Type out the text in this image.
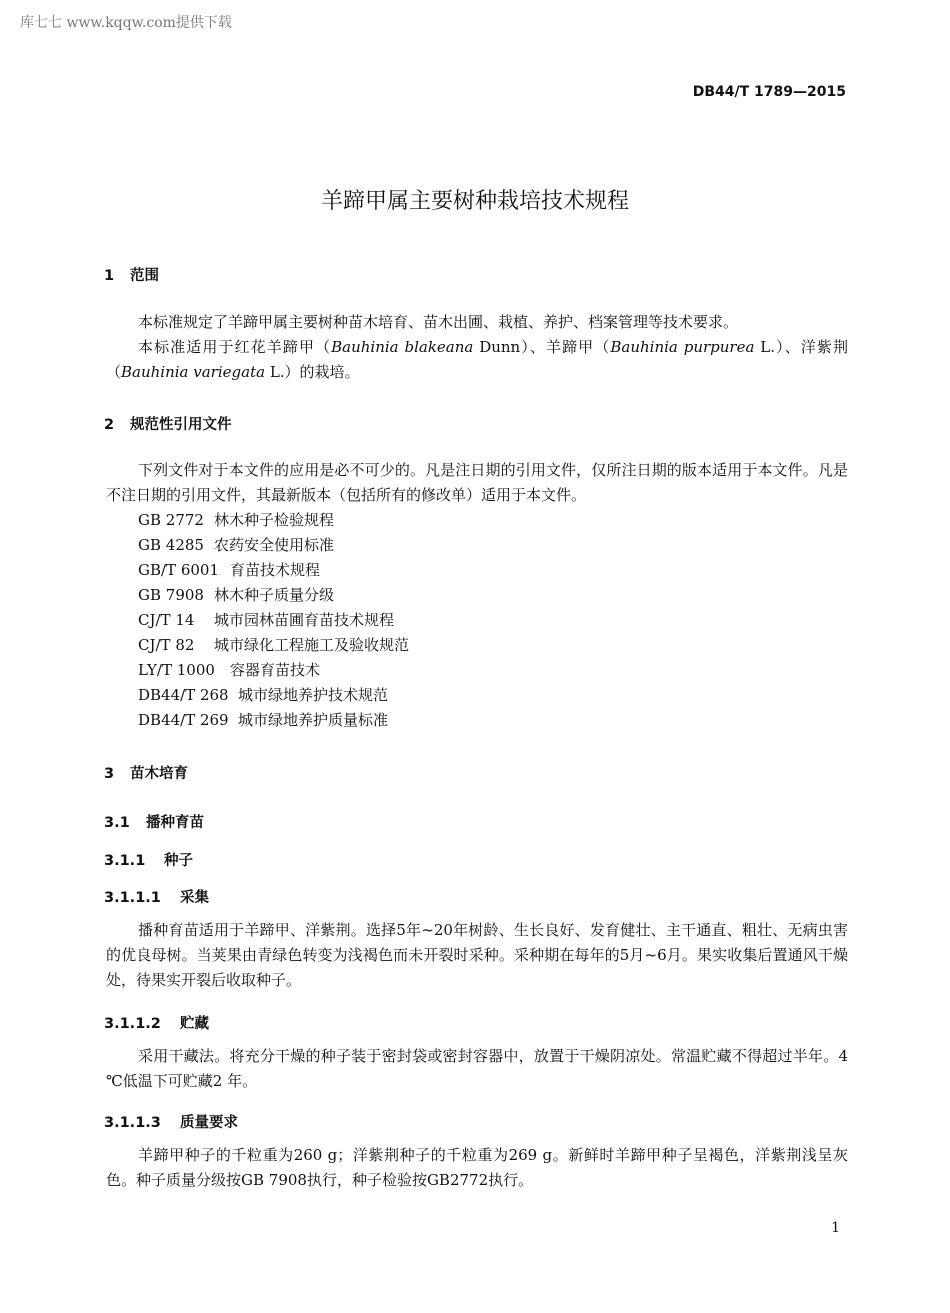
库七七 www.kqqw.com提供下载
DB44/T 1789—2015
羊蹄甲属主要树种栽培技术规程
1 范围
本标准规定了羊蹄甲属主要树种苗木培育、苗木出圃、栽植、养护、档案管理等技术要求。
本标准适用于红花羊蹄甲（Bauhinia blakeana Dunn）、羊蹄甲（Bauhinia purpurea L.）、洋紫荆（Bauhinia variegata L.）的栽培。
2 规范性引用文件
下列文件对于本文件的应用是必不可少的。凡是注日期的引用文件，仅所注日期的版本适用于本文件。凡是不注日期的引用文件，其最新版本（包括所有的修改单）适用于本文件。
GB 2772 林木种子检验规程
GB 4285 农药安全使用标准
GB/T 6001 育苗技术规程
GB 7908 林木种子质量分级
CJ/T 14 城市园林苗圃育苗技术规程
CJ/T 82 城市绿化工程施工及验收规范
LY/T 1000 容器育苗技术
DB44/T 268 城市绿地养护技术规范
DB44/T 269 城市绿地养护质量标准
3 苗木培育
3.1 播种育苗
3.1.1 种子
3.1.1.1 采集
播种育苗适用于羊蹄甲、洋紫荆。选择5年~20年树龄、生长良好、发育健壮、主干通直、粗壮、无病虫害的优良母树。当荚果由青绿色转变为浅褐色而未开裂时采种。采种期在每年的5月~6月。果实收集后置通风干燥处，待果实开裂后收取种子。
3.1.1.2 贮藏
采用干藏法。将充分干燥的种子装于密封袋或密封容器中，放置于干燥阴凉处。常温贮藏不得超过半年。4 ℃低温下可贮藏2 年。
3.1.1.3 质量要求
羊蹄甲种子的千粒重为260 g；洋紫荆种子的千粒重为269 g。新鲜时羊蹄甲种子呈褐色，洋紫荆浅呈灰色。种子质量分级按GB 7908执行，种子检验按GB2772执行。
1
